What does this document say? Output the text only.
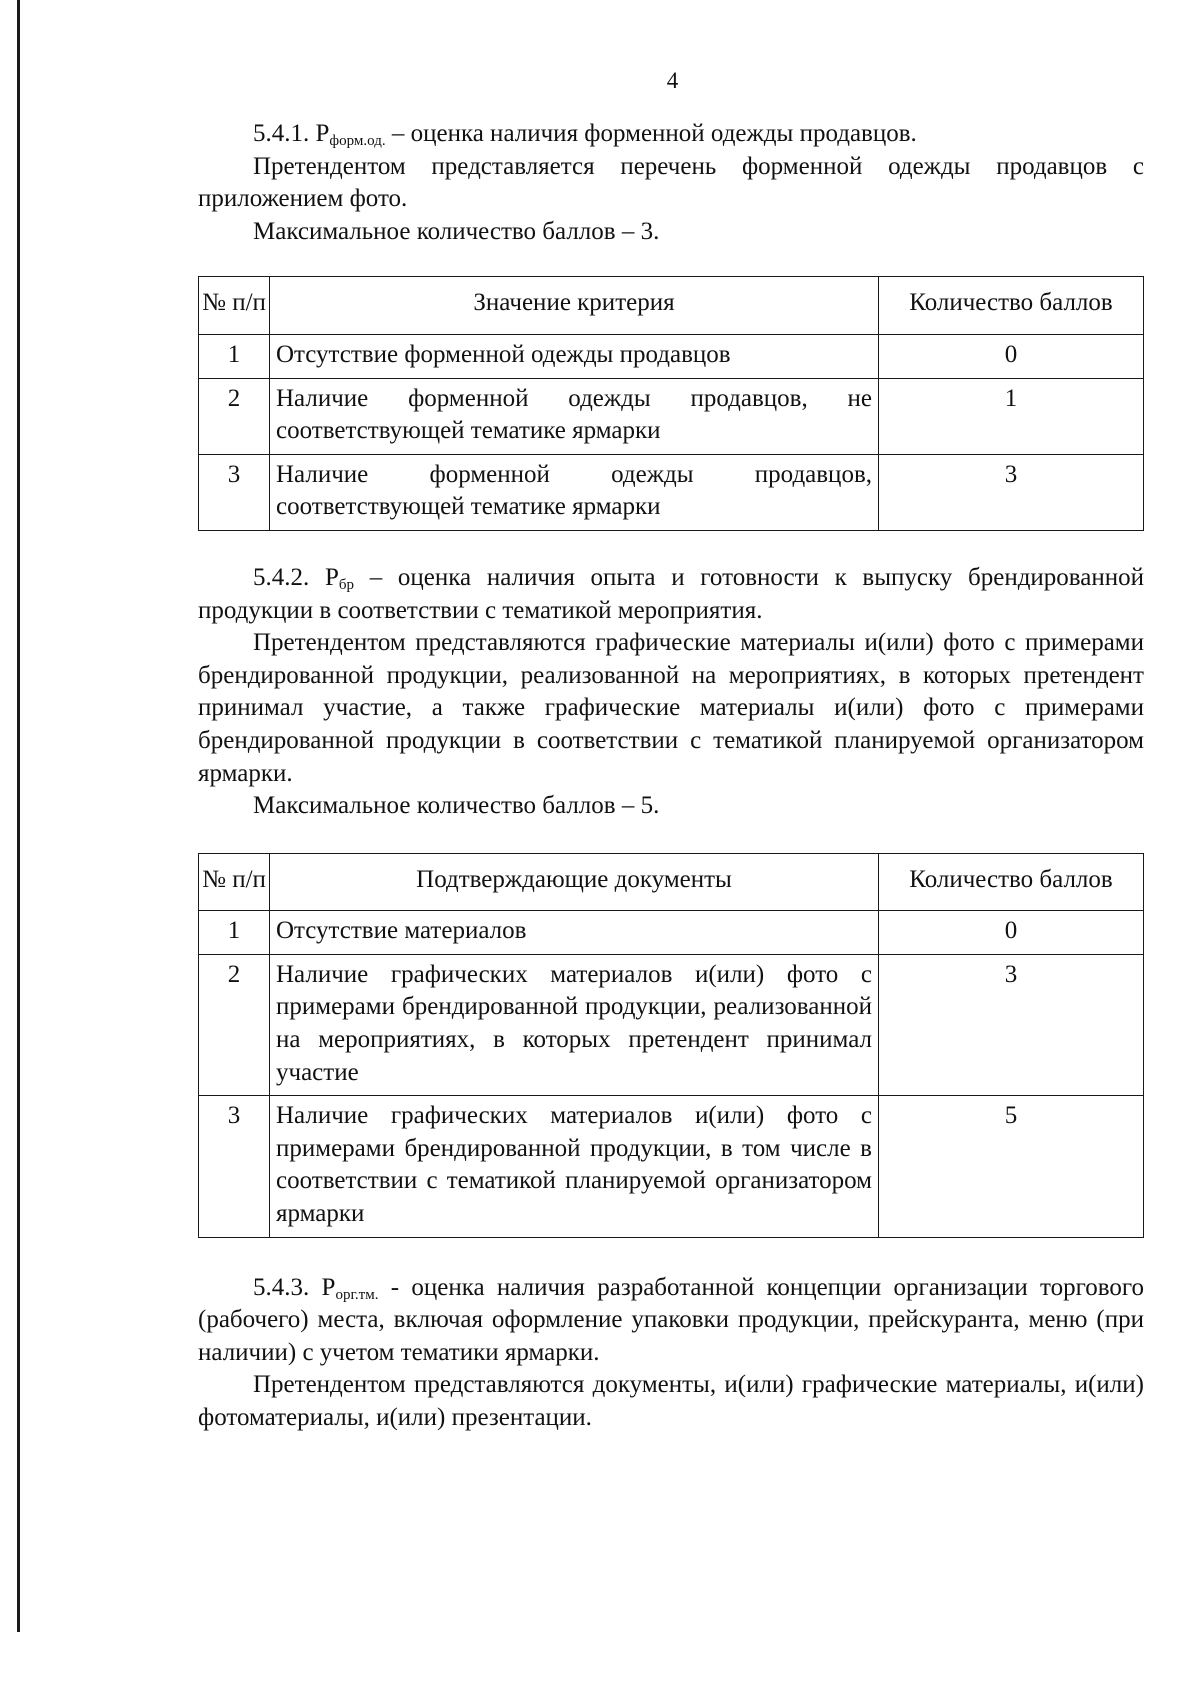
4

5.4.1. $P_{форм.од.}$ – оценка наличия форменной одежды продавцов.

Претендентом представляется перечень форменной одежды продавцов с приложением фото.

Максимальное количество баллов – 3.

№ п/п	Значение критерия	Количество баллов
1	Отсутствие форменной одежды продавцов	0
2	Наличие форменной одежды продавцов, не соответствующей тематике ярмарки	1
3	Наличие форменной одежды продавцов, соответствующей тематике ярмарки	3

5.4.2. $P_{бр}$ – оценка наличия опыта и готовности к выпуску брендированной продукции в соответствии с тематикой мероприятия.

Претендентом представляются графические материалы и(или) фото с примерами брендированной продукции, реализованной на мероприятиях, в которых претендент принимал участие, а также графические материалы и(или) фото с примерами брендированной продукции в соответствии с тематикой планируемой организатором ярмарки.

Максимальное количество баллов – 5.

№ п/п	Подтверждающие документы	Количество баллов
1	Отсутствие материалов	0
2	Наличие графических материалов и(или) фото с примерами брендированной продукции, реализованной на мероприятиях, в которых претендент принимал участие	3
3	Наличие графических материалов и(или) фото с примерами брендированной продукции, в том числе в соответствии с тематикой планируемой организатором ярмарки	5

5.4.3. $P_{орг.тм.}$ - оценка наличия разработанной концепции организации торгового (рабочего) места, включая оформление упаковки продукции, прейскуранта, меню (при наличии) с учетом тематики ярмарки.

Претендентом представляются документы, и(или) графические материалы, и(или) фотоматериалы, и(или) презентации.
